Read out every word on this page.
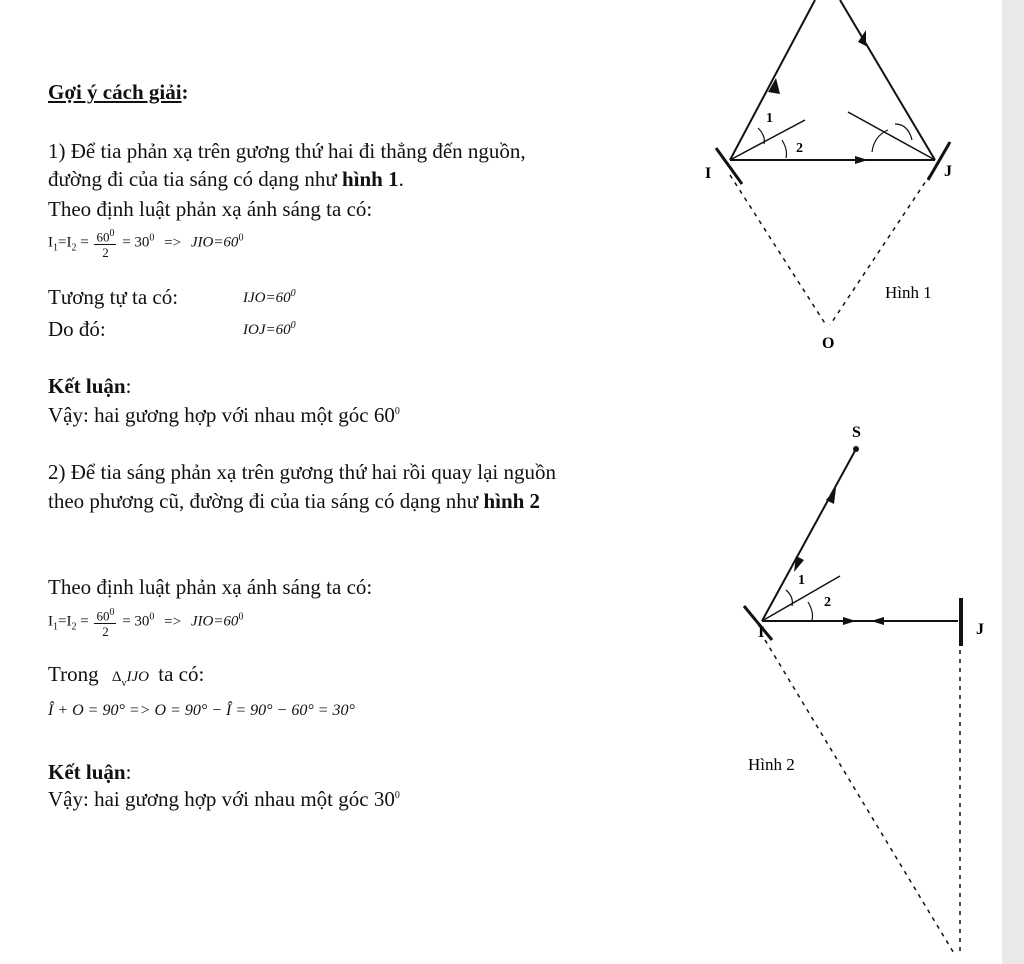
Gợi ý cách giải:
1) Để tia phản xạ trên gương thứ hai đi thẳng đến nguồn,
đường đi của tia sáng có dạng như hình 1.
Theo định luật phản xạ ánh sáng ta có:
$I_1=I_2 = \frac{60^0}{2} = 30^0 => JIO=60^0$
Tương tự ta có:	$IJO=60^0$
Do đó:	$IOJ=60^0$
Kết luận:
Vậy: hai gương hợp với nhau một góc $60^0$
2) Để tia sáng phản xạ trên gương thứ hai rồi quay lại nguồn
theo phương cũ, đường đi của tia sáng có dạng như hình 2
Theo định luật phản xạ ánh sáng ta có:
$I_1=I_2 = \frac{60^0}{2} = 30^0 => JIO=60^0$
Trong $\Delta_vIJO$ ta có:
Î + O = 90° => O = 90° − Î = 90° − 60° = 30°
Kết luận:
Vậy: hai gương hợp với nhau một góc $30^0$
I	J
O
1
2
Hình 1
S
I	J
1
2
Hình 2
